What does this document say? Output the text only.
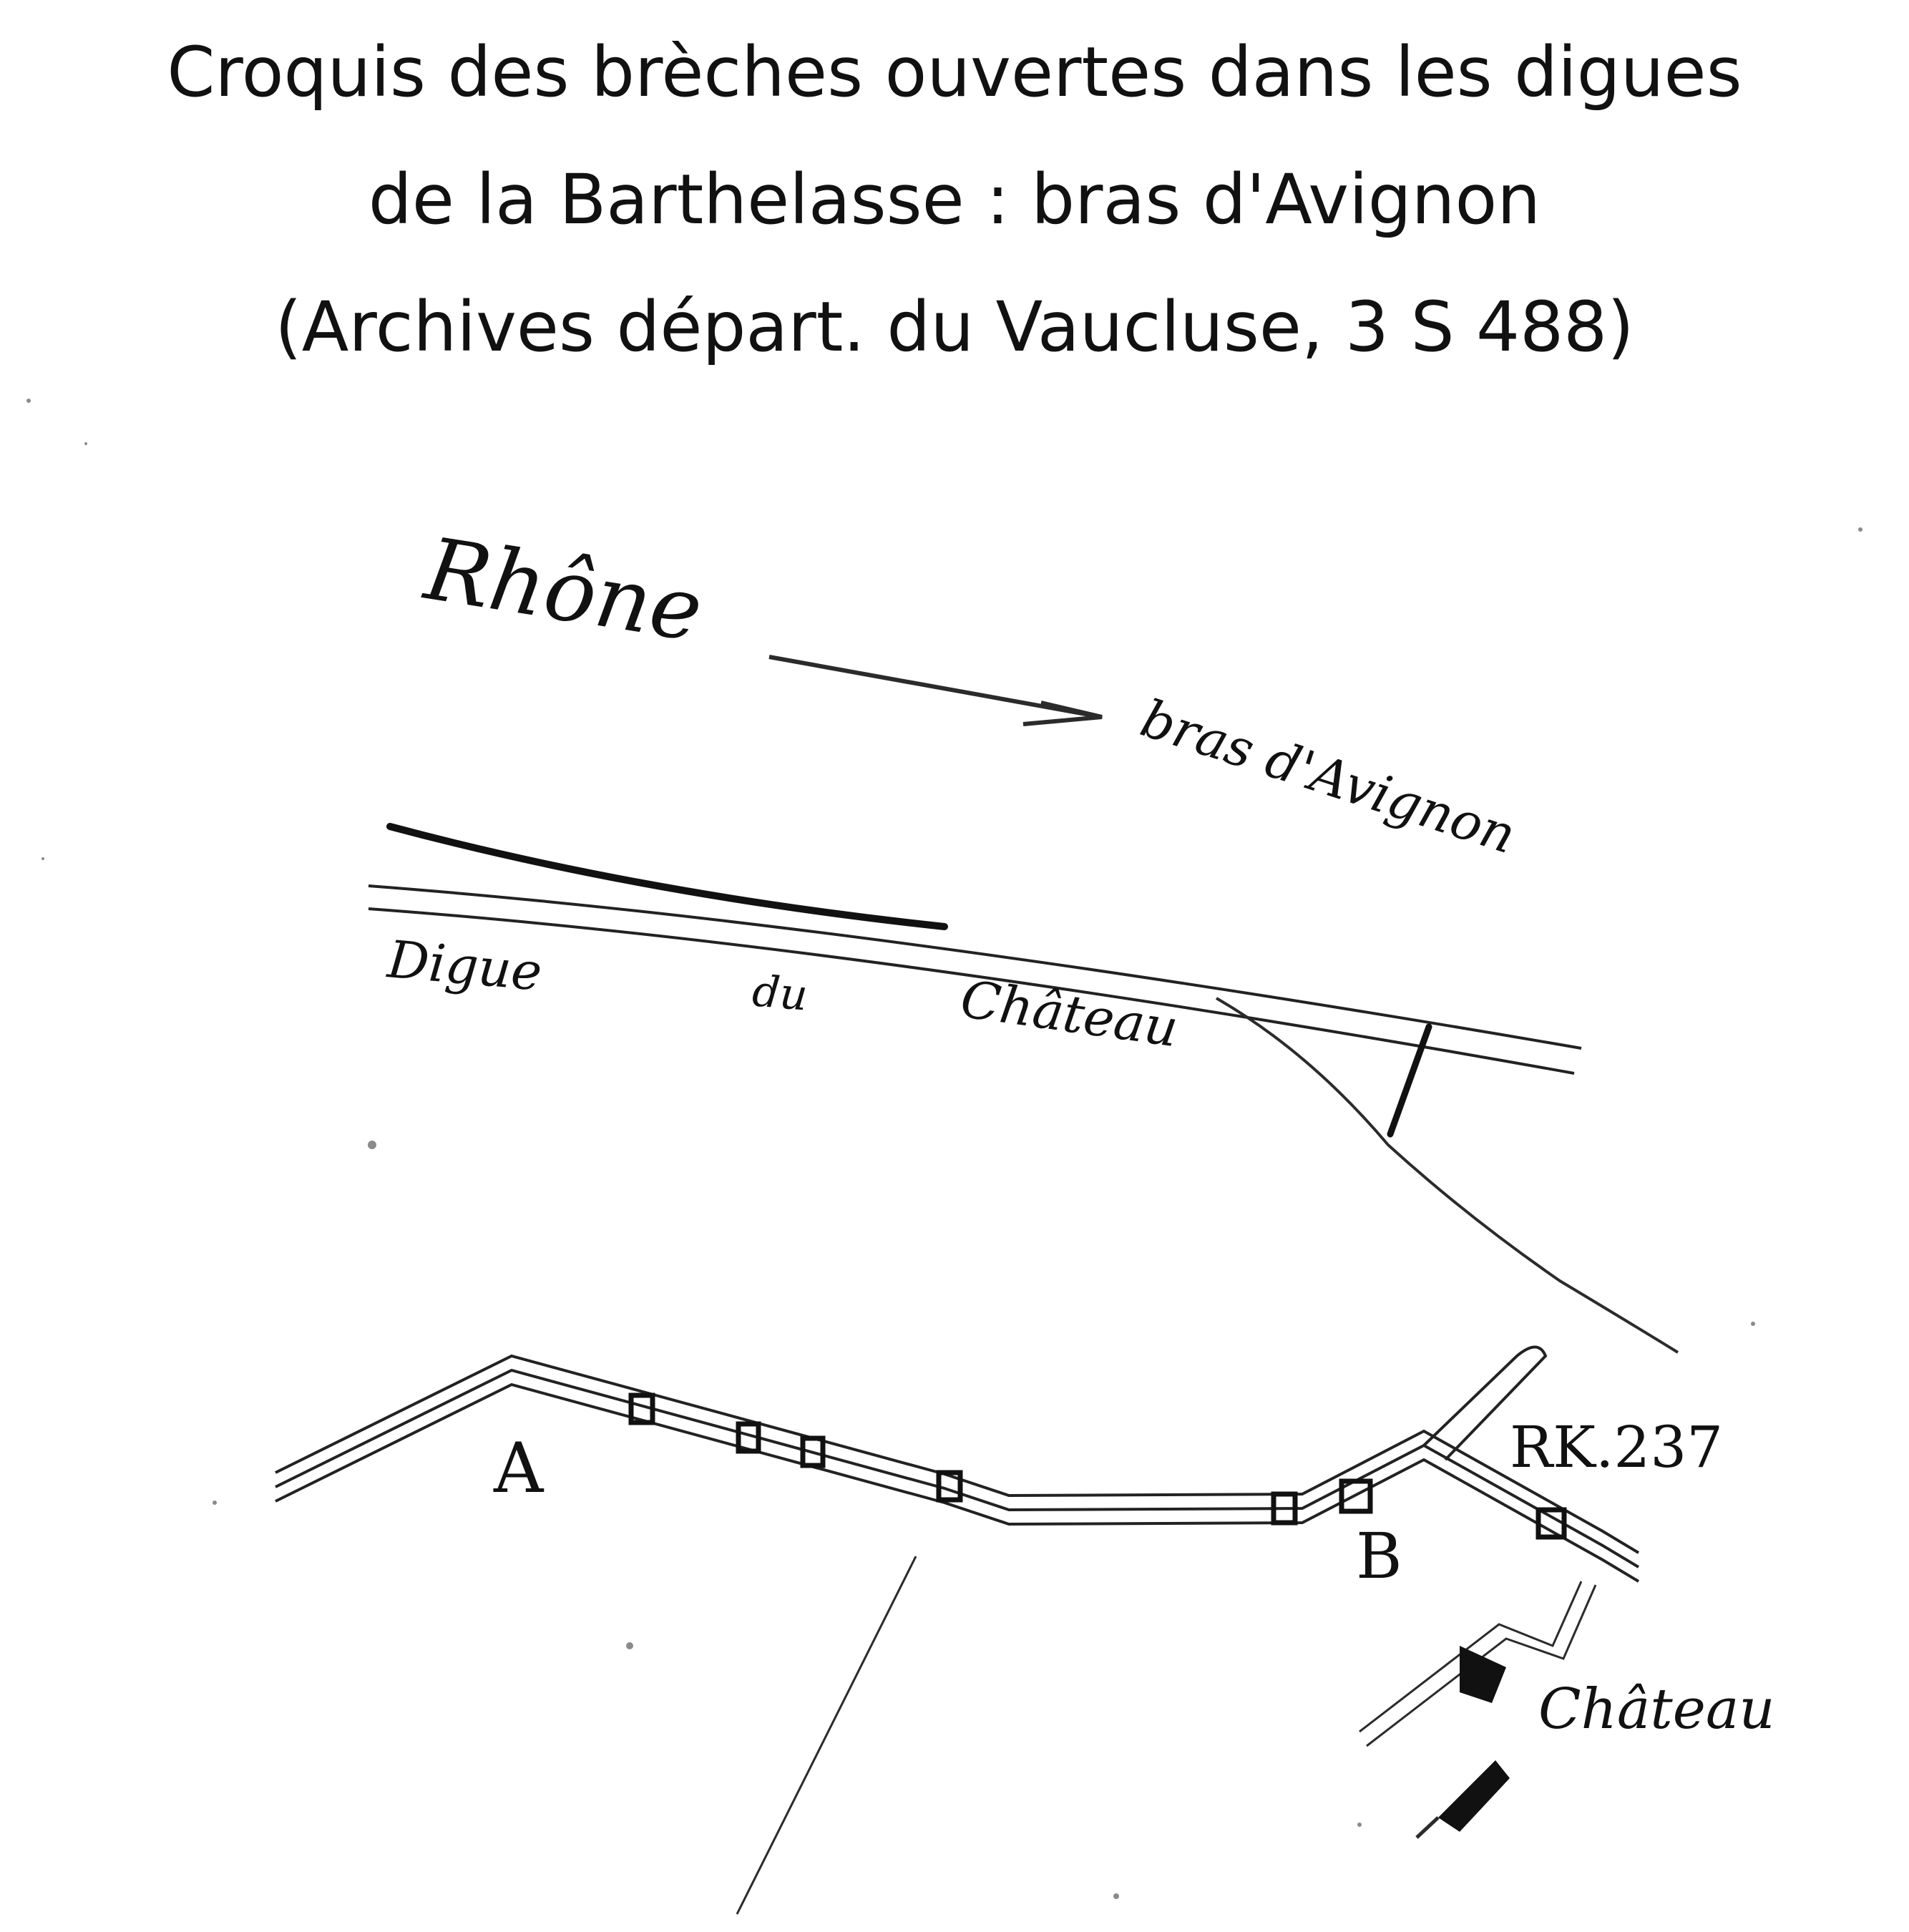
Croquis des brèches ouvertes dans les digues
de la Barthelasse : bras d'Avignon
(Archives départ. du Vaucluse, 3 S 488)
Rhône
bras d'Avignon
Digue	du	Château
A
B
RK.237
Château
